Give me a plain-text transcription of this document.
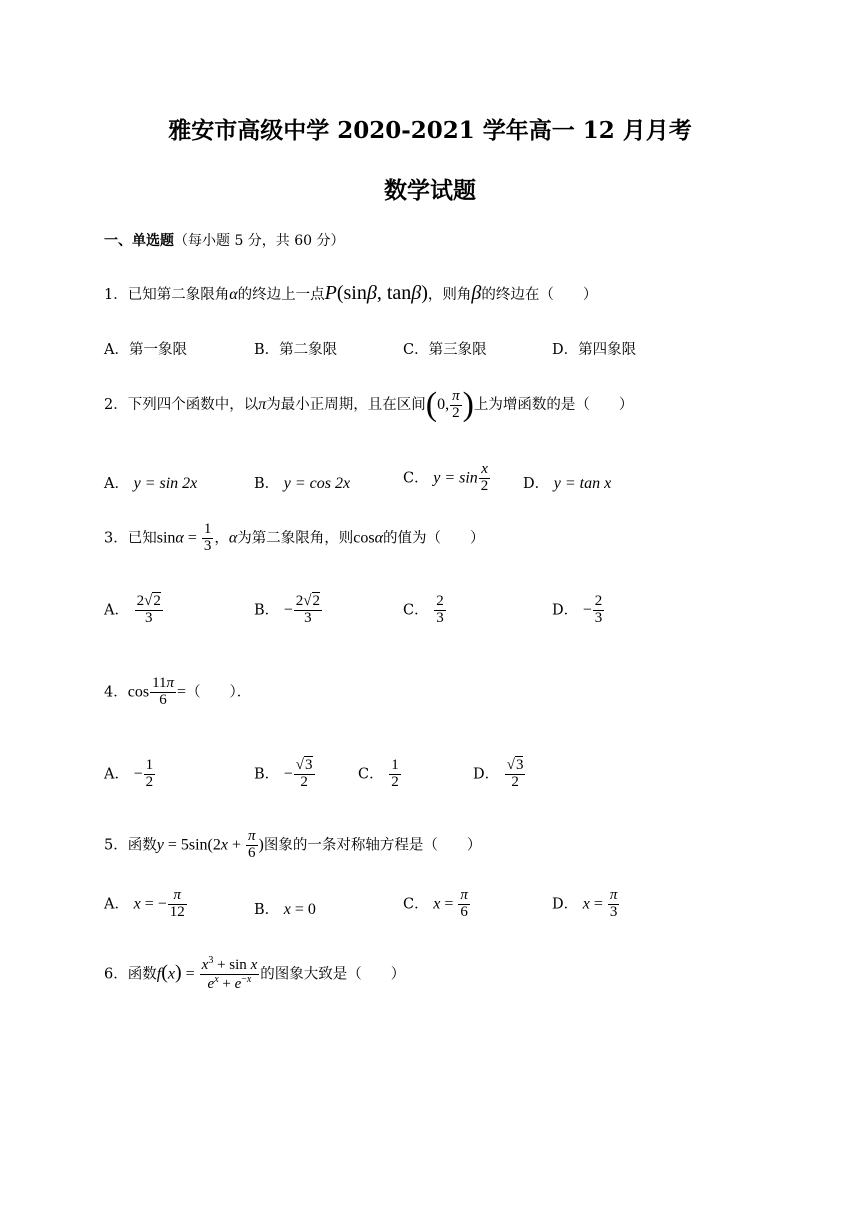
雅安市高级中学 2020-2021 学年高一 12 月月考
数学试题
一、单选题（每小题 5 分，共 60 分）
1．已知第二象限角α的终边上一点P(sinβ, tanβ)，则角β的终边在（　　）
A．第一象限	B．第二象限	C．第三象限	D．第四象限
2．下列四个函数中，以π为最小正周期，且在区间(0, $\frac{\pi}{2}$ )上为增函数的是（　　）
A． y = sin 2x	B． y = cos 2x	C． $y = \sin \frac{x}{2}$ D． y = tan x
3．已知$\sin\alpha = \frac{1}{3}$ ，α为第二象限角，则cosα的值为（　　）
A． $\frac{2√2}{3}$	B． − $\frac{2√2}{3}$	C． $\frac{2}{3}$	D． − $\frac{2}{3}$
4．$\cos \frac{11\pi}{6}$ =（　　）．
A． − $\frac{1}{2}$	B． − $\frac{√3}{2}$	C． $\frac{1}{2}$	D． $\frac{√3}{2}$
5．函数$y = 5\sin(2x + \frac{\pi}{6}$ )图象的一条对称轴方程是（　　）
A． x = − $\frac{\pi}{12}$	B． x = 0	C． $x = \frac{\pi}{6}$	D． $x = \frac{\pi}{3}$
6．函数$f(x) = \frac{x^3 + \sin x}{e^x + e^{-x}}$ 的图象大致是（　　）
